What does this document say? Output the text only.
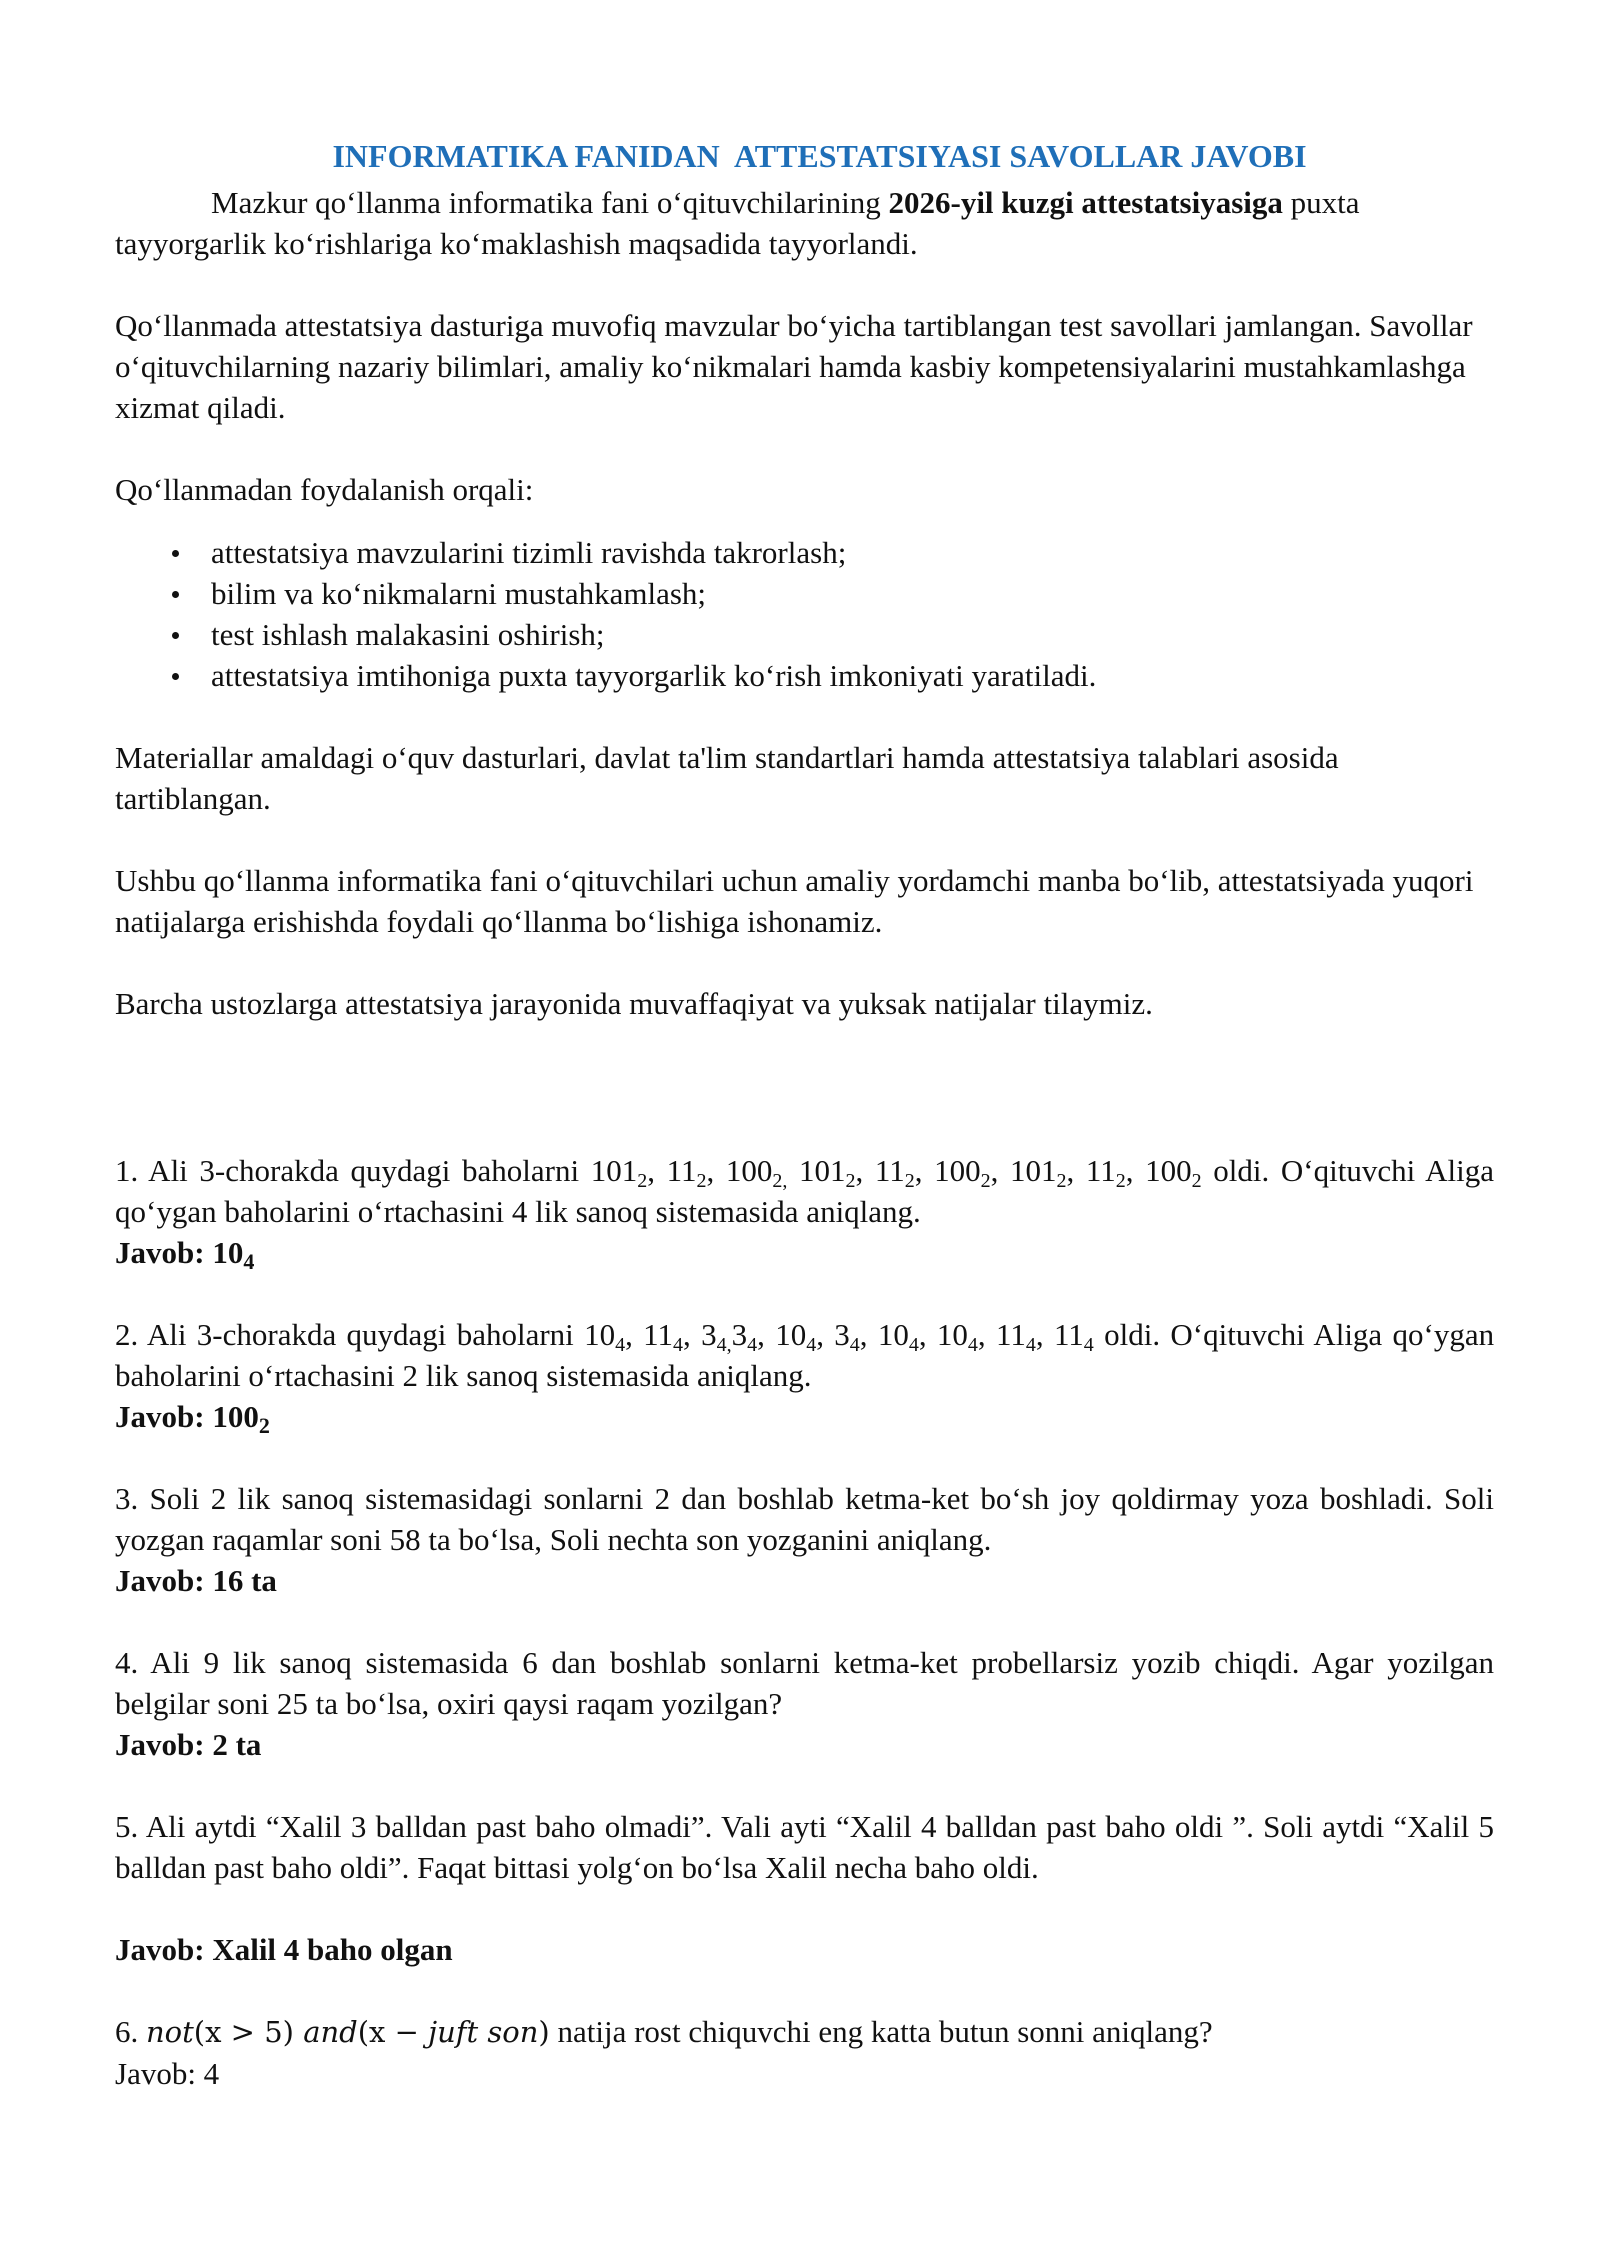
INFORMATIKA FANIDAN  ATTESTATSIYASI SAVOLLAR JAVOBI

Mazkur qo‘llanma informatika fani o‘qituvchilarining 2026-yil kuzgi attestatsiyasiga puxta tayyorgarlik ko‘rishlariga ko‘maklashish maqsadida tayyorlandi.

Qo‘llanmada attestatsiya dasturiga muvofiq mavzular bo‘yicha tartiblangan test savollari jamlangan. Savollar o‘qituvchilarning nazariy bilimlari, amaliy ko‘nikmalari hamda kasbiy kompetensiyalarini mustahkamlashga xizmat qiladi.

Qo‘llanmadan foydalanish orqali:

attestatsiya mavzularini tizimli ravishda takrorlash;
bilim va ko‘nikmalarni mustahkamlash;
test ishlash malakasini oshirish;
attestatsiya imtihoniga puxta tayyorgarlik ko‘rish imkoniyati yaratiladi.

Materiallar amaldagi o‘quv dasturlari, davlat ta'lim standartlari hamda attestatsiya talablari asosida tartiblangan.

Ushbu qo‘llanma informatika fani o‘qituvchilari uchun amaliy yordamchi manba bo‘lib, attestatsiyada yuqori natijalarga erishishda foydali qo‘llanma bo‘lishiga ishonamiz.

Barcha ustozlarga attestatsiya jarayonida muvaffaqiyat va yuksak natijalar tilaymiz.

1. Ali 3-chorakda quydagi baholarni $101_2$, $11_2$, $100_{2,}$ $101_2$, $11_2$, $100_2$, $101_2$, $11_2$, $100_2$ oldi. O‘qituvchi Aliga qo‘ygan baholarini o‘rtachasini 4 lik sanoq sistemasida aniqlang.

Javob: $10_4$

2. Ali 3-chorakda quydagi baholarni $10_4$, $11_4$, $3_{4,}3_4$, $10_4$, $3_4$, $10_4$, $10_4$, $11_4$, $11_4$ oldi. O‘qituvchi Aliga qo‘ygan baholarini o‘rtachasini 2 lik sanoq sistemasida aniqlang.

Javob: $100_2$

3. Soli 2 lik sanoq sistemasidagi sonlarni 2 dan boshlab ketma-ket bo‘sh joy qoldirmay yoza boshladi. Soli yozgan raqamlar soni 58 ta bo‘lsa, Soli nechta son yozganini aniqlang.

Javob: 16 ta

4. Ali 9 lik sanoq sistemasida 6 dan boshlab sonlarni ketma-ket probellarsiz yozib chiqdi. Agar yozilgan belgilar soni 25 ta bo‘lsa, oxiri qaysi raqam yozilgan?

Javob: 2 ta

5. Ali aytdi “Xalil 3 balldan past baho olmadi”. Vali ayti “Xalil 4 balldan past baho oldi ”. Soli aytdi “Xalil 5 balldan past baho oldi”. Faqat bittasi yolg‘on bo‘lsa Xalil necha baho oldi.

Javob: Xalil 4 baho olgan

6. not(x > 5) and(x − juft son) natija rost chiquvchi eng katta butun sonni aniqlang?

Javob: 4
